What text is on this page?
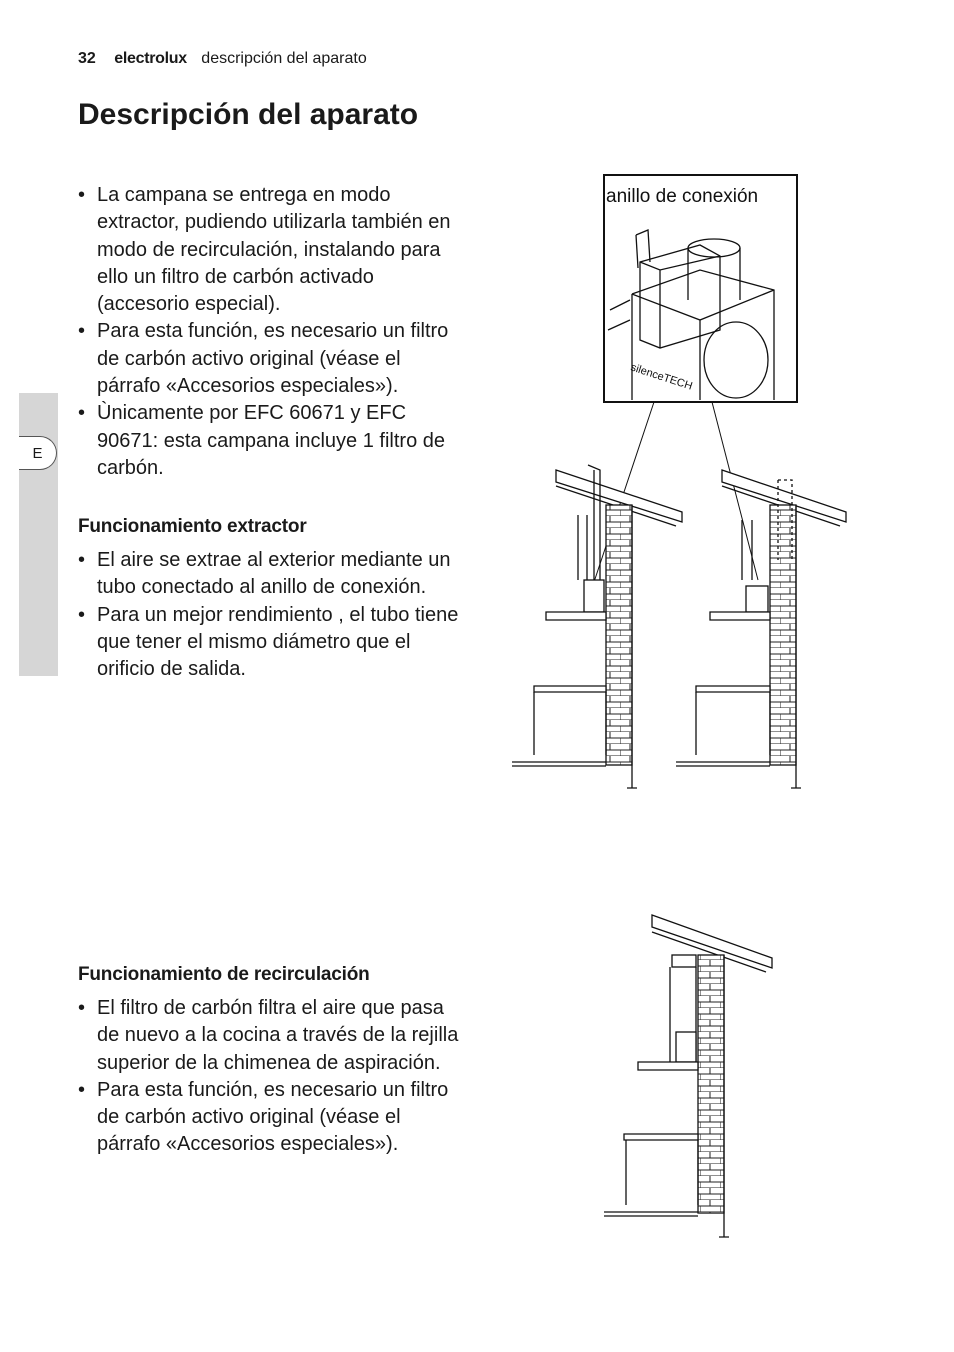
32 electrolux descripción del aparato
Descripción del aparato
E
• La campana se entrega en modo extractor, pudiendo utilizarla también en modo de recirculación, instalando para ello un filtro de carbón activado (accesorio especial).
• Para esta función, es necesario un filtro de carbón activo original (véase el párrafo «Accesorios especiales»).
• Ùnicamente por EFC 60671 y EFC 90671: esta campana incluye 1 filtro de carbón.
Funcionamiento extractor
• El aire se extrae al exterior mediante un tubo conectado al anillo de conexión.
• Para un mejor rendimiento , el tubo tiene que tener el mismo diámetro que el orificio de salida.
Funcionamiento de recirculación
• El filtro de carbón filtra el aire que pasa de nuevo a la cocina a través de la rejilla superior de la chimenea de aspiración.
• Para esta función, es necesario un filtro de carbón activo original (véase el párrafo «Accesorios especiales»).
silenceTECH
anillo de conexión
